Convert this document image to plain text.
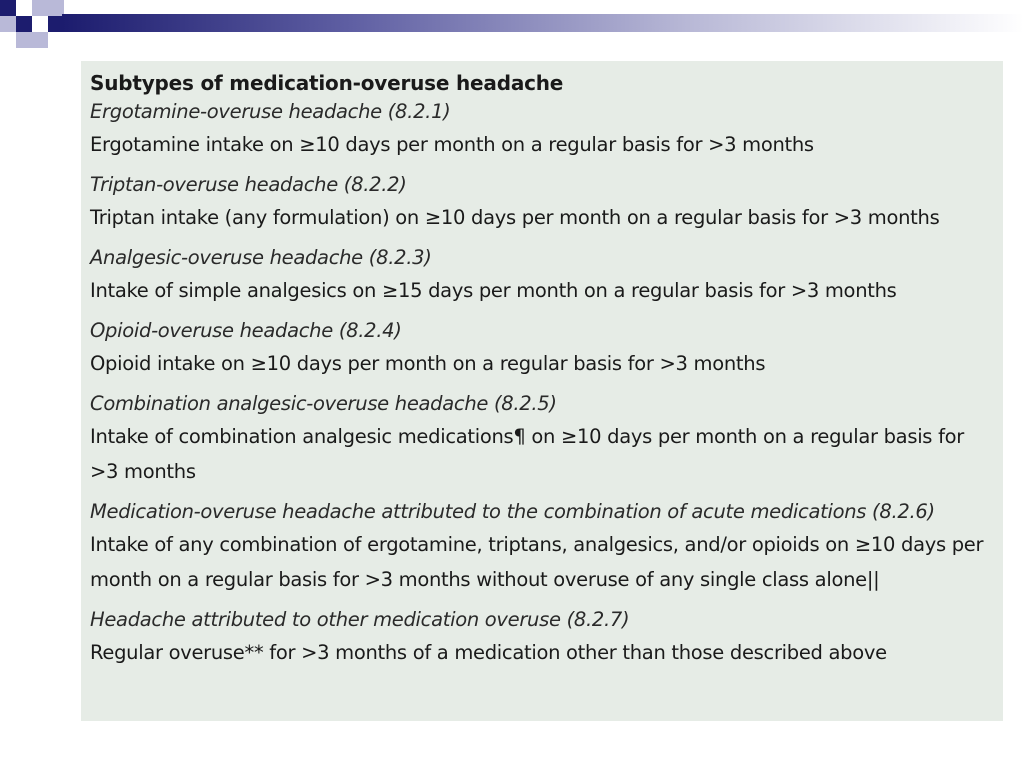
Subtypes of medication-overuse headache
Ergotamine-overuse headache (8.2.1)
Ergotamine intake on ≥10 days per month on a regular basis for >3 months
Triptan-overuse headache (8.2.2)
Triptan intake (any formulation) on ≥10 days per month on a regular basis for >3 months
Analgesic-overuse headache (8.2.3)
Intake of simple analgesics on ≥15 days per month on a regular basis for >3 months
Opioid-overuse headache (8.2.4)
Opioid intake on ≥10 days per month on a regular basis for >3 months
Combination analgesic-overuse headache (8.2.5)
Intake of combination analgesic medications¶ on ≥10 days per month on a regular basis for >3 months
Medication-overuse headache attributed to the combination of acute medications (8.2.6)
Intake of any combination of ergotamine, triptans, analgesics, and/or opioids on ≥10 days per month on a regular basis for >3 months without overuse of any single class alone||
Headache attributed to other medication overuse (8.2.7)
Regular overuse** for >3 months of a medication other than those described above
